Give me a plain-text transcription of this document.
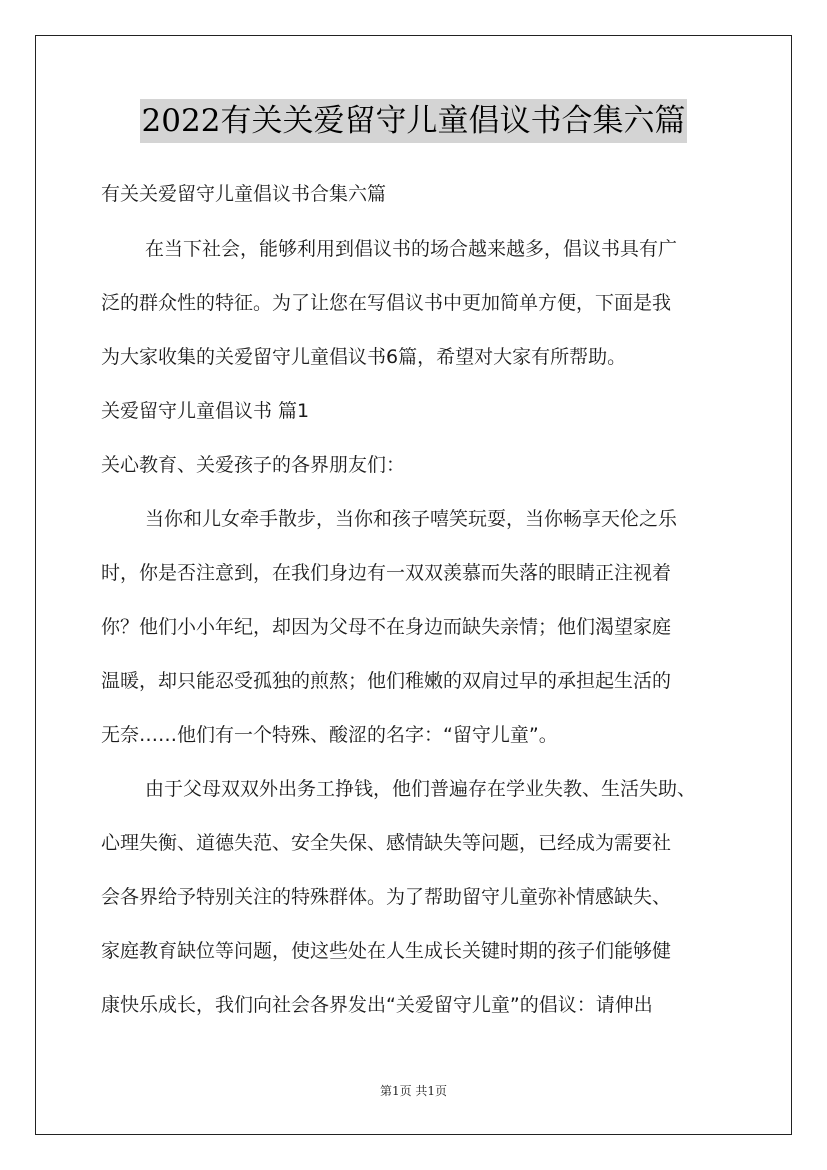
2022有关关爱留守儿童倡议书合集六篇
有关关爱留守儿童倡议书合集六篇
在当下社会，能够利用到倡议书的场合越来越多，倡议书具有广
泛的群众性的特征。为了让您在写倡议书中更加简单方便，下面是我
为大家收集的关爱留守儿童倡议书6篇，希望对大家有所帮助。
关爱留守儿童倡议书 篇1
关心教育、关爱孩子的各界朋友们：
当你和儿女牵手散步，当你和孩子嘻笑玩耍，当你畅享天伦之乐
时，你是否注意到，在我们身边有一双双羡慕而失落的眼睛正注视着
你？他们小小年纪，却因为父母不在身边而缺失亲情；他们渴望家庭
温暖，却只能忍受孤独的煎熬；他们稚嫩的双肩过早的承担起生活的
无奈……他们有一个特殊、酸涩的名字：“留守儿童”。
由于父母双双外出务工挣钱，他们普遍存在学业失教、生活失助、
心理失衡、道德失范、安全失保、感情缺失等问题，已经成为需要社
会各界给予特别关注的特殊群体。为了帮助留守儿童弥补情感缺失、
家庭教育缺位等问题，使这些处在人生成长关键时期的孩子们能够健
康快乐成长，我们向社会各界发出“关爱留守儿童”的倡议：请伸出
第1页 共1页
